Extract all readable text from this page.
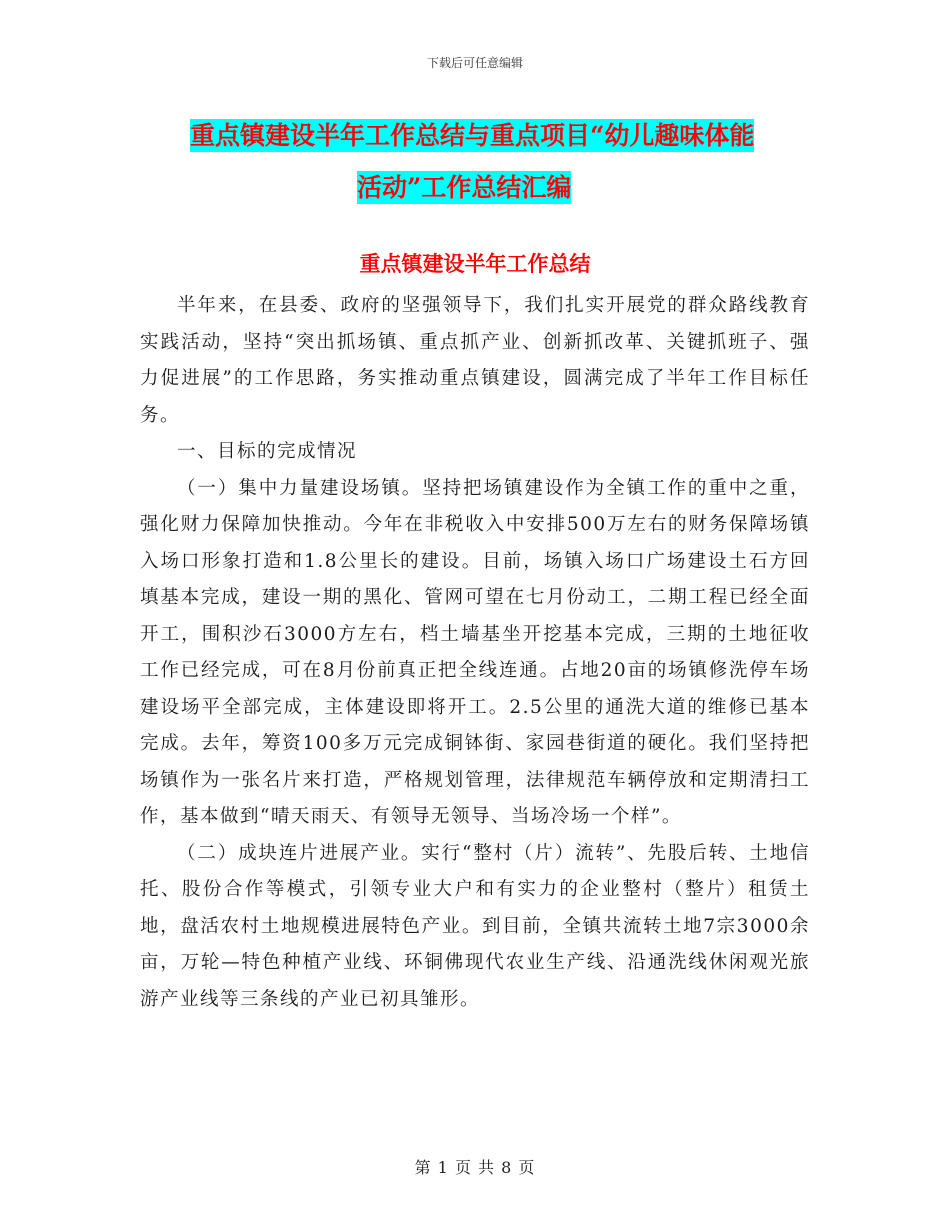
下载后可任意编辑
重点镇建设半年工作总结与重点项目“幼儿趣味体能
活动”工作总结汇编
重点镇建设半年工作总结

半年来，在县委、政府的坚强领导下，我们扎实开展党的群众路线教育实践活动，坚持“突出抓场镇、重点抓产业、创新抓改革、关键抓班子、强力促进展”的工作思路，务实推动重点镇建设，圆满完成了半年工作目标任务。

一、目标的完成情况

（一）集中力量建设场镇。坚持把场镇建设作为全镇工作的重中之重，强化财力保障加快推动。今年在非税收入中安排500万左右的财务保障场镇入场口形象打造和1.8公里长的建设。目前，场镇入场口广场建设土石方回填基本完成，建设一期的黑化、管网可望在七月份动工，二期工程已经全面开工，围积沙石3000方左右，档土墙基坐开挖基本完成，三期的土地征收工作已经完成，可在8月份前真正把全线连通。占地20亩的场镇修洗停车场建设场平全部完成，主体建设即将开工。2.5公里的通洗大道的维修已基本完成。去年，筹资100多万元完成铜钵街、家园巷街道的硬化。我们坚持把场镇作为一张名片来打造，严格规划管理，法律规范车辆停放和定期清扫工作，基本做到“晴天雨天、有领导无领导、当场冷场一个样”。

（二）成块连片进展产业。实行“整村（片）流转”、先股后转、土地信托、股份合作等模式，引领专业大户和有实力的企业整村（整片）租赁土地，盘活农村土地规模进展特色产业。到目前，全镇共流转土地7宗3000余亩，万轮—特色种植产业线、环铜佛现代农业生产线、沿通洗线休闲观光旅游产业线等三条线的产业已初具雏形。

第 1 页 共 8 页
